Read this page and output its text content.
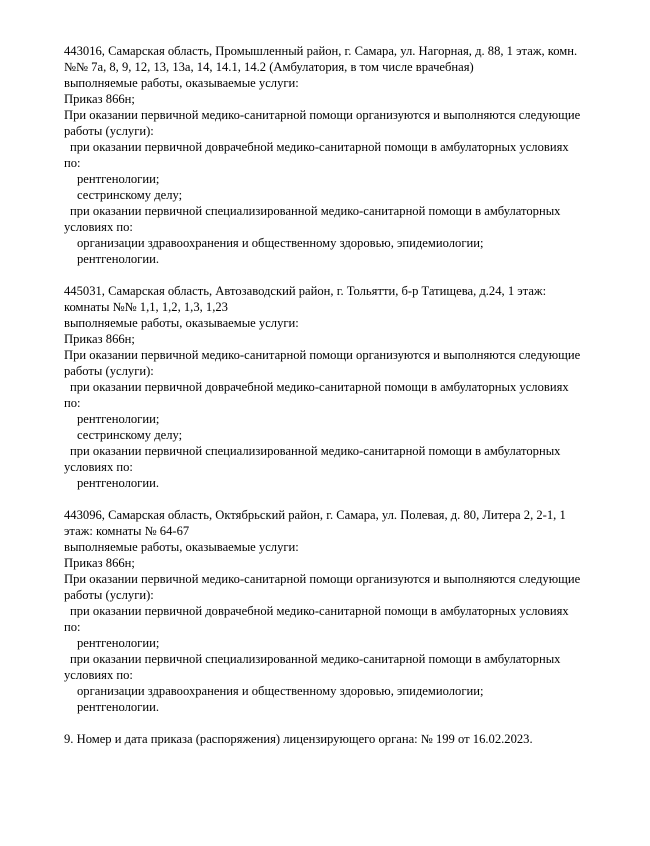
443016, Самарская область, Промышленный район, г. Самара, ул. Нагорная, д. 88, 1 этаж, комн.
№№ 7а, 8, 9, 12, 13, 13а, 14, 14.1, 14.2 (Амбулатория, в том числе врачебная)
выполняемые работы, оказываемые услуги:
Приказ 866н;
При оказании первичной медико-санитарной помощи организуются и выполняются следующие
работы (услуги):
при оказании первичной доврачебной медико-санитарной помощи в амбулаторных условиях
по:
рентгенологии;
сестринскому делу;
при оказании первичной специализированной медико-санитарной помощи в амбулаторных
условиях по:
организации здравоохранения и общественному здоровью, эпидемиологии;
рентгенологии.
445031, Самарская область, Автозаводский район, г. Тольятти, б-р Татищева, д.24, 1 этаж:
комнаты №№ 1,1, 1,2, 1,3, 1,23
выполняемые работы, оказываемые услуги:
Приказ 866н;
При оказании первичной медико-санитарной помощи организуются и выполняются следующие
работы (услуги):
при оказании первичной доврачебной медико-санитарной помощи в амбулаторных условиях
по:
рентгенологии;
сестринскому делу;
при оказании первичной специализированной медико-санитарной помощи в амбулаторных
условиях по:
рентгенологии.
443096, Самарская область, Октябрьский район, г. Самара, ул. Полевая, д. 80, Литера 2, 2-1, 1
этаж: комнаты № 64-67
выполняемые работы, оказываемые услуги:
Приказ 866н;
При оказании первичной медико-санитарной помощи организуются и выполняются следующие
работы (услуги):
при оказании первичной доврачебной медико-санитарной помощи в амбулаторных условиях
по:
рентгенологии;
при оказании первичной специализированной медико-санитарной помощи в амбулаторных
условиях по:
организации здравоохранения и общественному здоровью, эпидемиологии;
рентгенологии.
9. Номер и дата приказа (распоряжения) лицензирующего органа: № 199 от 16.02.2023.
